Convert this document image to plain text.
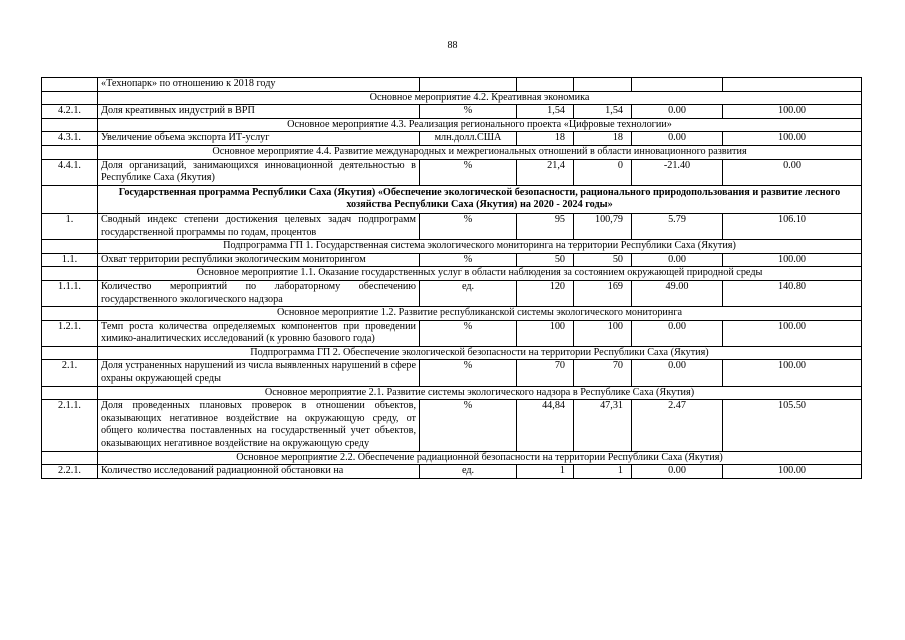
88
	«Технопарк» по отношению к 2018 году					
	Основное мероприятие 4.2. Креативная экономика					
4.2.1.	Доля креативных индустрий в ВРП	%	1,54	1,54	0.00	100.00
	Основное мероприятие 4.3. Реализация регионального проекта «Цифровые технологии»					
4.3.1.	Увеличение объема экспорта ИТ-услуг	млн.долл.США	18	18	0.00	100.00
	Основное мероприятие 4.4. Развитие международных и межрегиональных отношений в области инновационного развития					
4.4.1.	Доля организаций, занимающихся инновационной деятельностью в Республике Саха (Якутия)	%	21,4	0	-21.40	0.00
	Государственная программа Республики Саха (Якутия) «Обеспечение экологической безопасности, рационального природопользования и развитие лесного хозяйства Республики Саха (Якутия) на 2020 - 2024 годы»					
1.	Сводный индекс степени достижения целевых задач подпрограмм государственной программы по годам, процентов	%	95	100,79	5.79	106.10
	Подпрограмма ГП 1. Государственная система экологического мониторинга на территории Республики Саха (Якутия)					
1.1.	Охват территории республики экологическим мониторингом	%	50	50	0.00	100.00
	Основное мероприятие 1.1. Оказание государственных услуг в области наблюдения за состоянием окружающей природной среды					
1.1.1.	Количество мероприятий по лабораторному обеспечению государственного экологического надзора	ед.	120	169	49.00	140.80
	Основное мероприятие 1.2. Развитие республиканской системы экологического мониторинга					
1.2.1.	Темп роста количества определяемых компонентов при проведении химико-аналитических исследований (к уровню базового года)	%	100	100	0.00	100.00
	Подпрограмма ГП 2. Обеспечение экологической безопасности на территории Республики Саха (Якутия)					
2.1.	Доля устраненных нарушений из числа выявленных нарушений в сфере охраны окружающей среды	%	70	70	0.00	100.00
	Основное мероприятие 2.1. Развитие системы экологического надзора в Республике Саха (Якутия)					
2.1.1.	Доля проведенных плановых проверок в отношении объектов, оказывающих негативное воздействие на окружающую среду, от общего количества поставленных на государственный учет объектов, оказывающих негативное воздействие на окружающую среду	%	44,84	47,31	2.47	105.50
	Основное мероприятие 2.2. Обеспечение радиационной безопасности на территории Республики Саха (Якутия)					
2.2.1.	Количество исследований радиационной обстановки на	ед.	1	1	0.00	100.00
